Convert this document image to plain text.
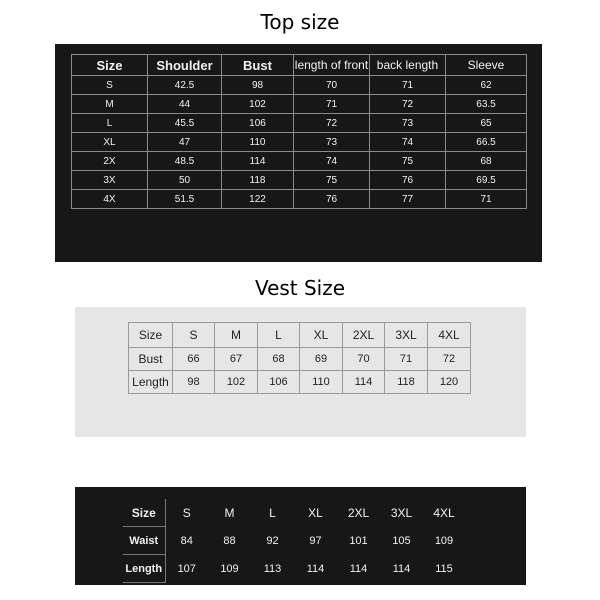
Top size
Size	Shoulder	Bust	length of front	back length	Sleeve
S	42.5	98	70	71	62
M	44	102	71	72	63.5
L	45.5	106	72	73	65
XL	47	110	73	74	66.5
2X	48.5	114	74	75	68
3X	50	118	75	76	69.5
4X	51.5	122	76	77	71
Vest Size
Size	S	M	L	XL	2XL	3XL	4XL
Bust	66	67	68	69	70	71	72
Length	98	102	106	110	114	118	120
Size	S	M	L	XL	2XL	3XL	4XL
Waist	84	88	92	97	101	105	109
Length	107	109	113	114	114	114	115
